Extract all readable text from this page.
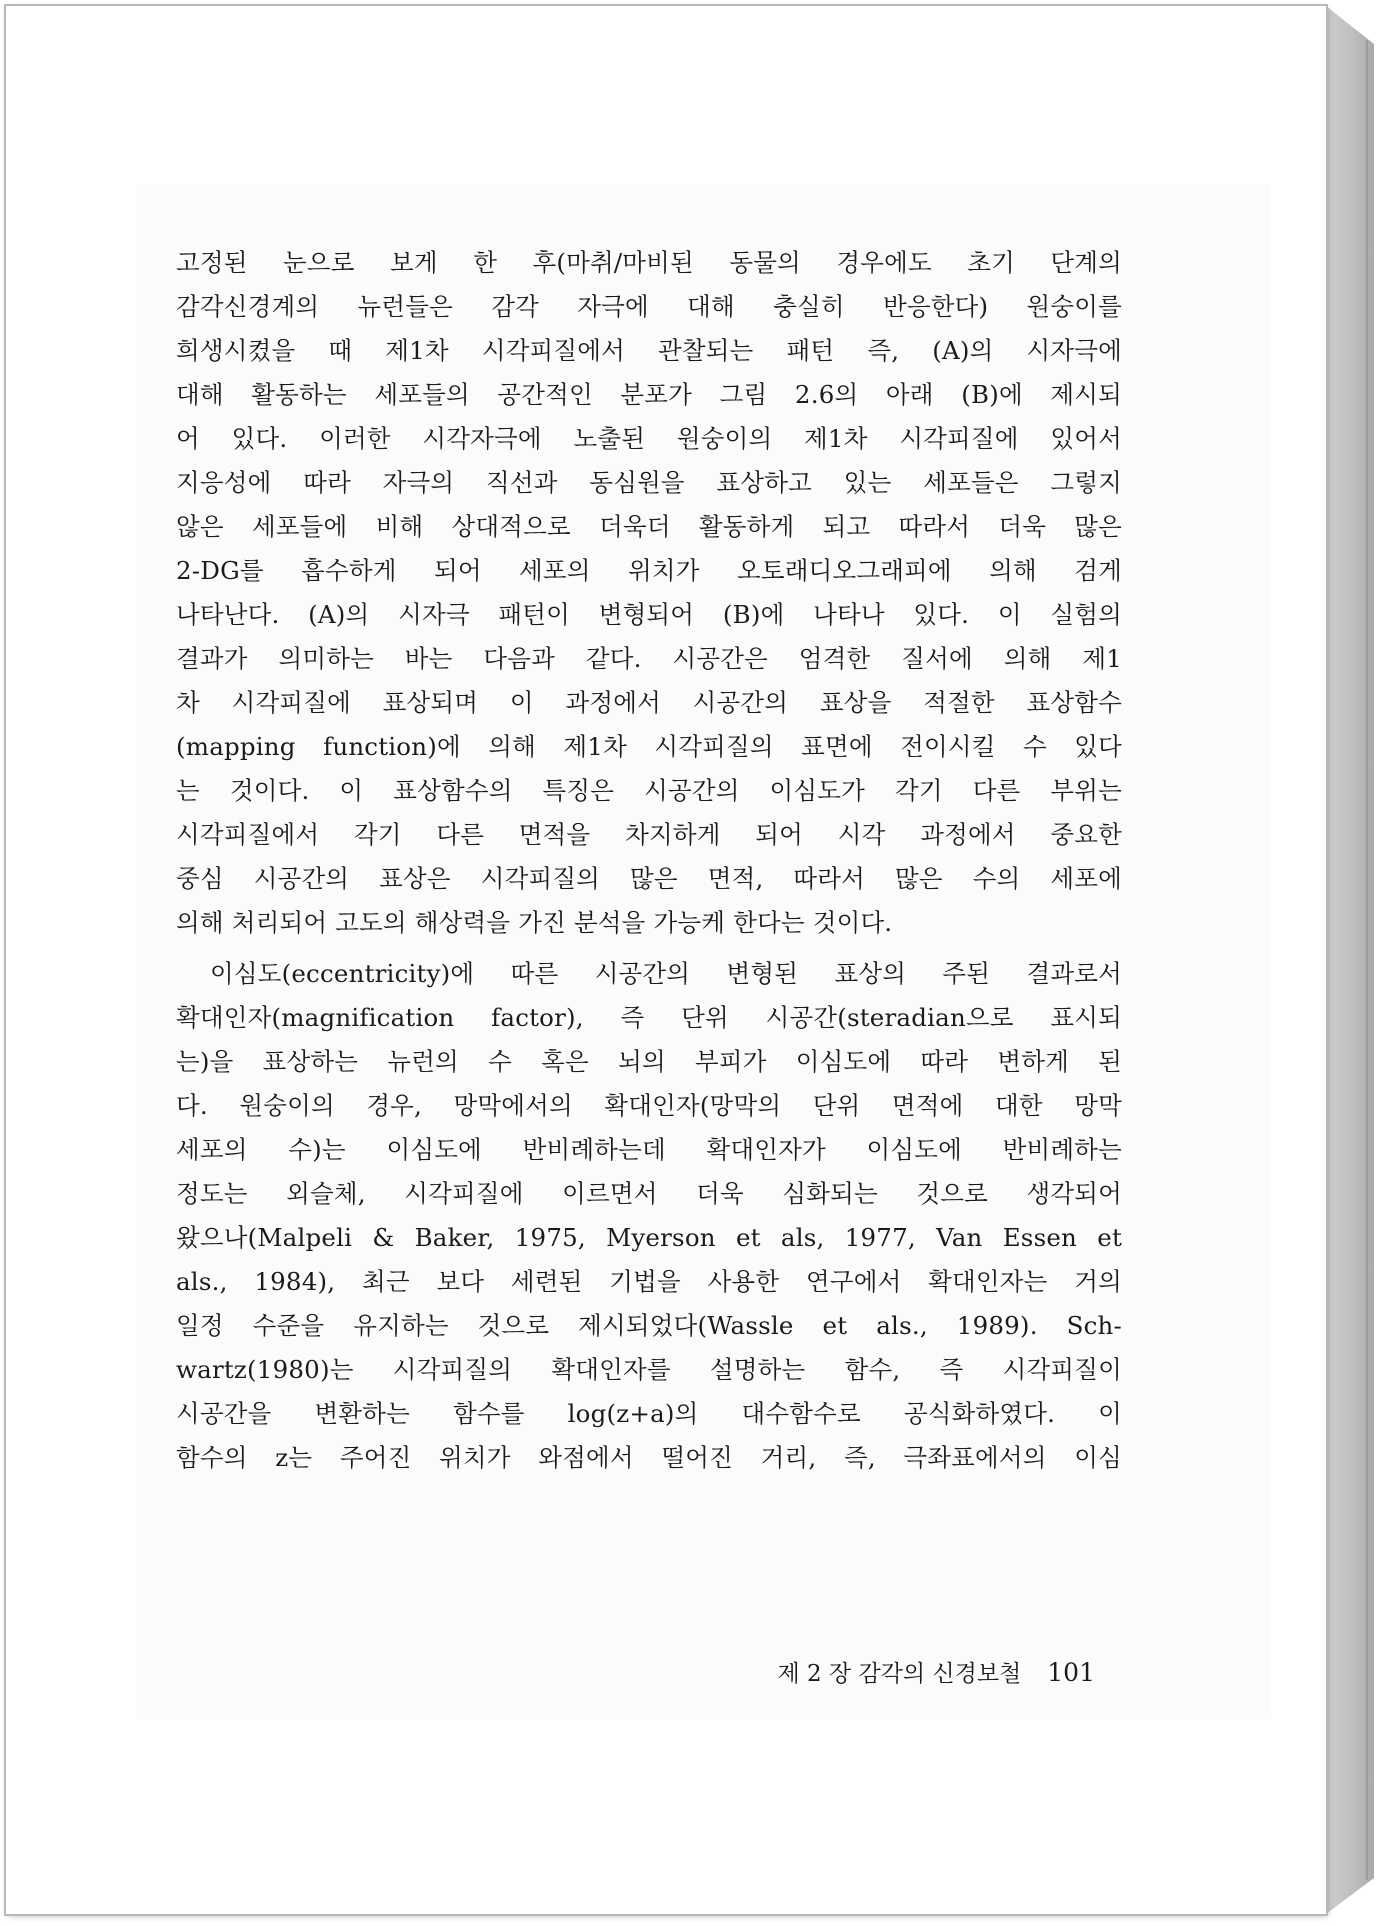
고정된 눈으로 보게 한 후(마취/마비된 동물의 경우에도 초기 단계의
감각신경계의 뉴런들은 감각 자극에 대해 충실히 반응한다) 원숭이를
희생시켰을 때 제1차 시각피질에서 관찰되는 패턴 즉, (A)의 시자극에
대해 활동하는 세포들의 공간적인 분포가 그림 2.6의 아래 (B)에 제시되
어 있다. 이러한 시각자극에 노출된 원숭이의 제1차 시각피질에 있어서
지응성에 따라 자극의 직선과 동심원을 표상하고 있는 세포들은 그렇지
않은 세포들에 비해 상대적으로 더욱더 활동하게 되고 따라서 더욱 많은
2-DG를 흡수하게 되어 세포의 위치가 오토래디오그래피에 의해 검게
나타난다. (A)의 시자극 패턴이 변형되어 (B)에 나타나 있다. 이 실험의
결과가 의미하는 바는 다음과 같다. 시공간은 엄격한 질서에 의해 제1
차 시각피질에 표상되며 이 과정에서 시공간의 표상을 적절한 표상함수
(mapping function)에 의해 제1차 시각피질의 표면에 전이시킬 수 있다
는 것이다. 이 표상함수의 특징은 시공간의 이심도가 각기 다른 부위는
시각피질에서 각기 다른 면적을 차지하게 되어 시각 과정에서 중요한
중심 시공간의 표상은 시각피질의 많은 면적, 따라서 많은 수의 세포에
의해 처리되어 고도의 해상력을 가진 분석을 가능케 한다는 것이다.
이심도(eccentricity)에 따른 시공간의 변형된 표상의 주된 결과로서
확대인자(magnification factor), 즉 단위 시공간(steradian으로 표시되
는)을 표상하는 뉴런의 수 혹은 뇌의 부피가 이심도에 따라 변하게 된
다. 원숭이의 경우, 망막에서의 확대인자(망막의 단위 면적에 대한 망막
세포의 수)는 이심도에 반비례하는데 확대인자가 이심도에 반비례하는
정도는 외슬체, 시각피질에 이르면서 더욱 심화되는 것으로 생각되어
왔으나(Malpeli & Baker, 1975, Myerson et als, 1977, Van Essen et
als., 1984), 최근 보다 세련된 기법을 사용한 연구에서 확대인자는 거의
일정 수준을 유지하는 것으로 제시되었다(Wassle et als., 1989). Sch-
wartz(1980)는 시각피질의 확대인자를 설명하는 함수, 즉 시각피질이
시공간을 변환하는 함수를 log(z+a)의 대수함수로 공식화하였다. 이
함수의 z는 주어진 위치가 와점에서 떨어진 거리, 즉, 극좌표에서의 이심
제 2 장 감각의 신경보철 101
